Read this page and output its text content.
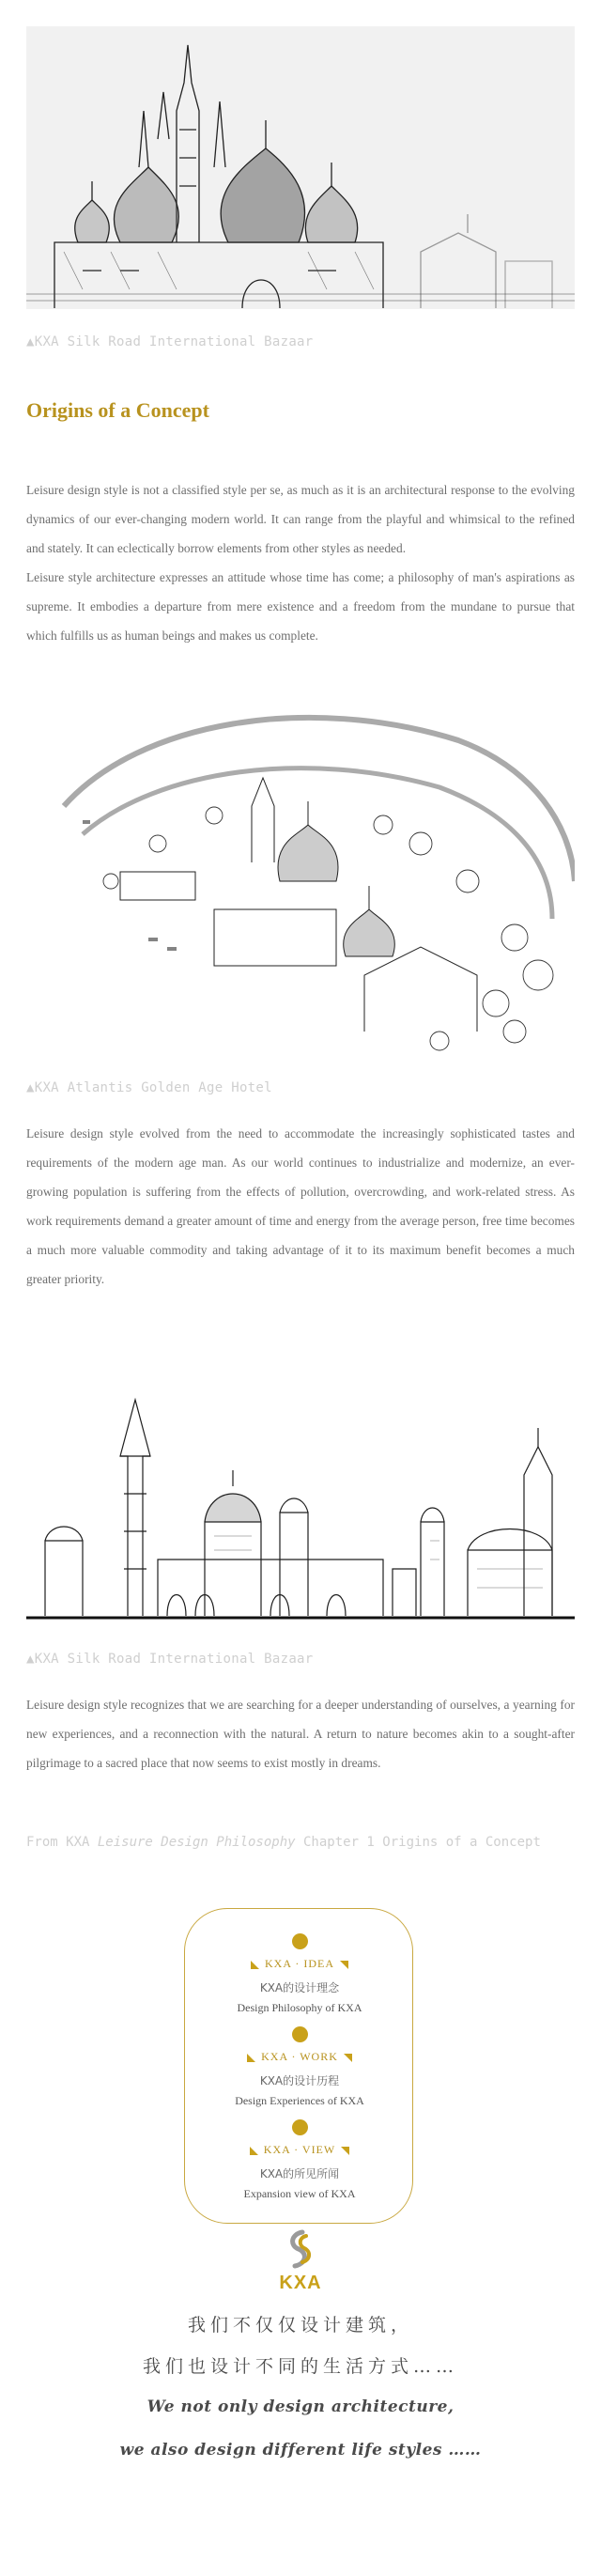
▲KXA Silk Road International Bazaar
Origins of a Concept

Leisure design style is not a classified style per se, as much as it is an architectural response to the evolving dynamics of our ever-changing modern world. It can range from the playful and whimsical to the refined and stately. It can eclectically borrow elements from other styles as needed.

Leisure style architecture expresses an attitude whose time has come; a philosophy of man's aspirations as supreme. It embodies a departure from mere existence and a freedom from the mundane to pursue that which fulfills us as human beings and makes us complete.

▲KXA Atlantis Golden Age Hotel
Leisure design style evolved from the need to accommodate the increasingly sophisticated tastes and requirements of the modern age man. As our world continues to industrialize and modernize, an ever-growing population is suffering from the effects of pollution, overcrowding, and work-related stress. As work requirements demand a greater amount of time and energy from the average person, free time becomes a much more valuable commodity and taking advantage of it to its maximum benefit becomes a much greater priority.
▲KXA Silk Road International Bazaar
Leisure design style recognizes that we are searching for a deeper understanding of ourselves, a yearning for new experiences, and a reconnection with the natural. A return to nature becomes akin to a sought-after pilgrimage to a sacred place that now seems to exist mostly in dreams.
From KXA Leisure Design Philosophy Chapter 1 Origins of a Concept
KXA · IDEA
KXA的设计理念
Design Philosophy of KXA
KXA · WORK
KXA的设计历程
Design Experiences of KXA
KXA · VIEW
KXA的所见所闻
Expansion view of KXA
KXA
我们不仅仅设计建筑，
我们也设计不同的生活方式……
We not only design architecture,
we also design different life styles ……
